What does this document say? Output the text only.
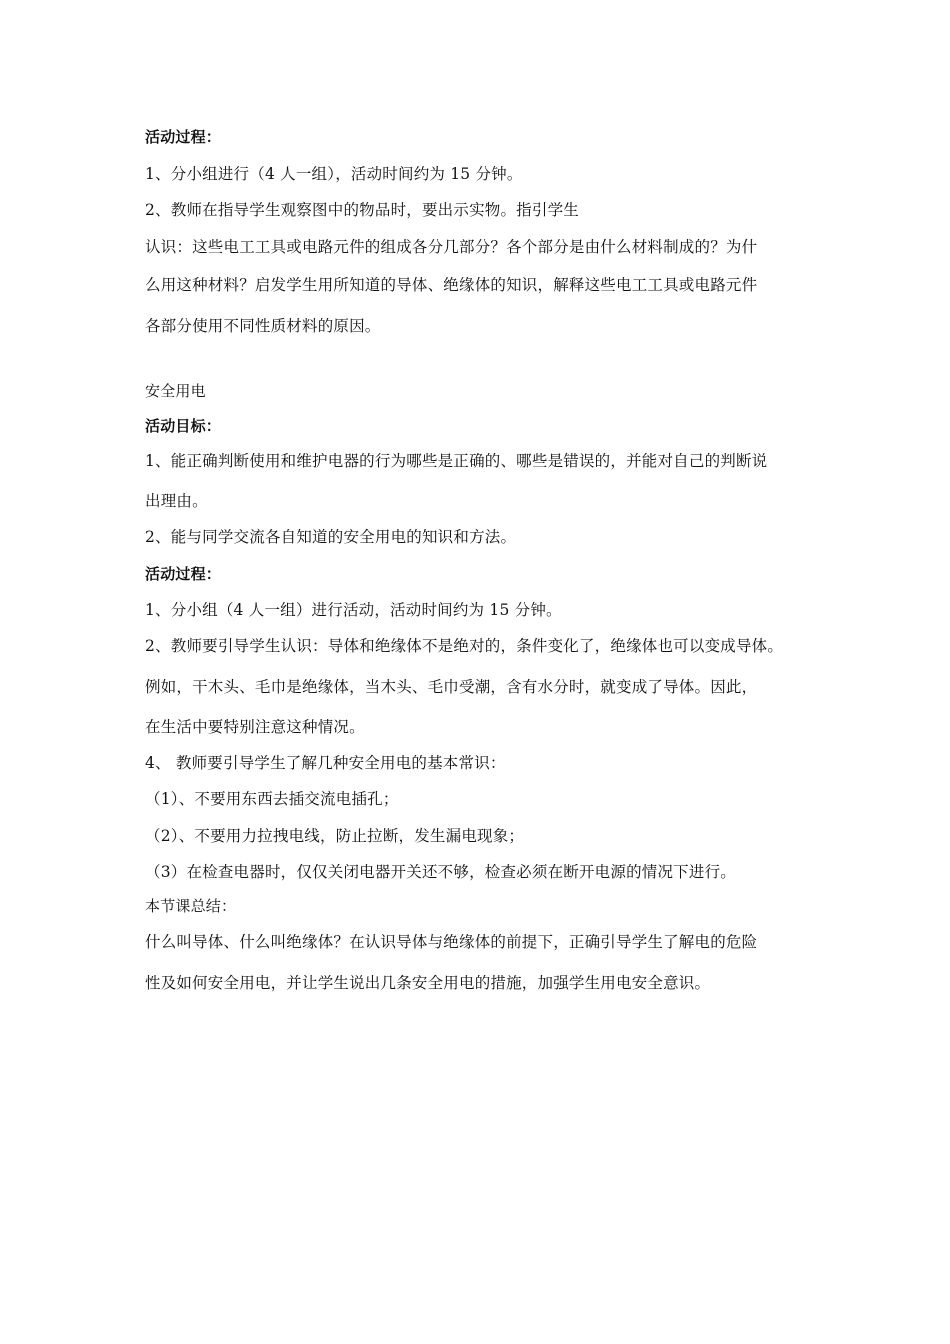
活动过程：
1、分小组进行（4 人一组），活动时间约为 15 分钟。
2、教师在指导学生观察图中的物品时，要出示实物。指引学生
认识：这些电工工具或电路元件的组成各分几部分？各个部分是由什么材料制成的？为什
么用这种材料？启发学生用所知道的导体、绝缘体的知识，解释这些电工工具或电路元件
各部分使用不同性质材料的原因。
安全用电
活动目标：
1、能正确判断使用和维护电器的行为哪些是正确的、哪些是错误的，并能对自己的判断说
出理由。
2、能与同学交流各自知道的安全用电的知识和方法。
活动过程：
1、分小组（4 人一组）进行活动，活动时间约为 15 分钟。
2、教师要引导学生认识：导体和绝缘体不是绝对的，条件变化了，绝缘体也可以变成导体。
例如，干木头、毛巾是绝缘体，当木头、毛巾受潮，含有水分时，就变成了导体。因此，
在生活中要特别注意这种情况。
4、 教师要引导学生了解几种安全用电的基本常识：
（1）、不要用东西去插交流电插孔；
（2）、不要用力拉拽电线，防止拉断，发生漏电现象；
（3）在检查电器时，仅仅关闭电器开关还不够，检查必须在断开电源的情况下进行。
本节课总结：
什么叫导体、什么叫绝缘体？在认识导体与绝缘体的前提下，正确引导学生了解电的危险
性及如何安全用电，并让学生说出几条安全用电的措施，加强学生用电安全意识。
